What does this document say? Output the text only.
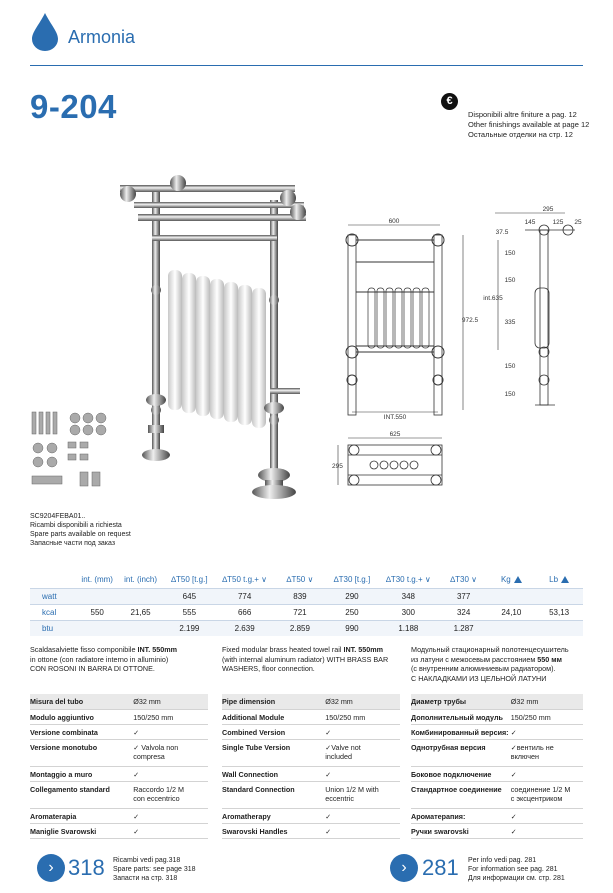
Armonia
9-204	€
Disponibili altre finiture a pag. 12
Other finishings available at page 12
Остальные отделки на стр. 12
600
INT.550
972.5
int.635
295
145	125 25
37.5
150
150
335
150
150
625
295
SC9204FEBA01..
Ricambi disponibili a richiesta
Spare parts available on request
Запасные части под заказ
	int. (mm)	int. (inch)	∆T50 [t.g.]	∆T50 t.g.+ ∨	∆T50 ∨	∆T30 [t.g.]	∆T30 t.g.+ ∨	∆T30 ∨	Kg	Lb
watt			645	774	839	290	348	377		
kcal	550	21,65	555	666	721	250	300	324	24,10	53,13
btu			2.199	2.639	2.859	990	1.188	1.287		
Scaldasalviette fisso componibile INT. 550mm
in ottone (con radiatore interno in alluminio)
CON ROSONI IN BARRA DI OTTONE.
Fixed modular brass heated towel rail INT. 550mm
(with internal aluminum radiator) WITH BRASS BAR
WASHERS, floor connection.
Модульный стационарный полотенцесушитель
из латуни с межосевым расстоянием 550 мм
(с внутренним алюминиевым радиатором).
С НАКЛАДКАМИ ИЗ ЦЕЛЬНОЙ ЛАТУНИ
Misura del tubo	Ø32 mm

Modulo aggiuntivo	150/250 mm

Versione combinata	✓

Versione monotubo	✓ Valvola non
compresa

Montaggio a muro	✓

Collegamento standard	Raccordo 1/2 M
con eccentrico

Aromaterapia	✓

Maniglie Svarowski	✓
Pipe dimension	Ø32 mm

Additional Module	150/250 mm

Combined Version	✓

Single Tube Version	✓Valve not
included

Wall Connection	✓

Standard Connection	Union 1/2 M with
eccentric

Aromatherapy	✓

Swarovski Handles	✓
Диаметр трубы	Ø32 mm

Дополнительный модуль	150/250 mm

Комбинированный версия:	✓

Однотрубная версия	✓вентиль не
включен

Боковое подключение	✓

Стандартное соединение	соединение 1/2 M
с эксцентриком

Ароматерапия:	✓

Ручки swarovski	✓
› 318 Ricambi vedi pag.318
Spare parts: see page 318
Запасти на стр. 318
› 281 Per info vedi pag. 281
For information see pag. 281
Для информации см. стр. 281
